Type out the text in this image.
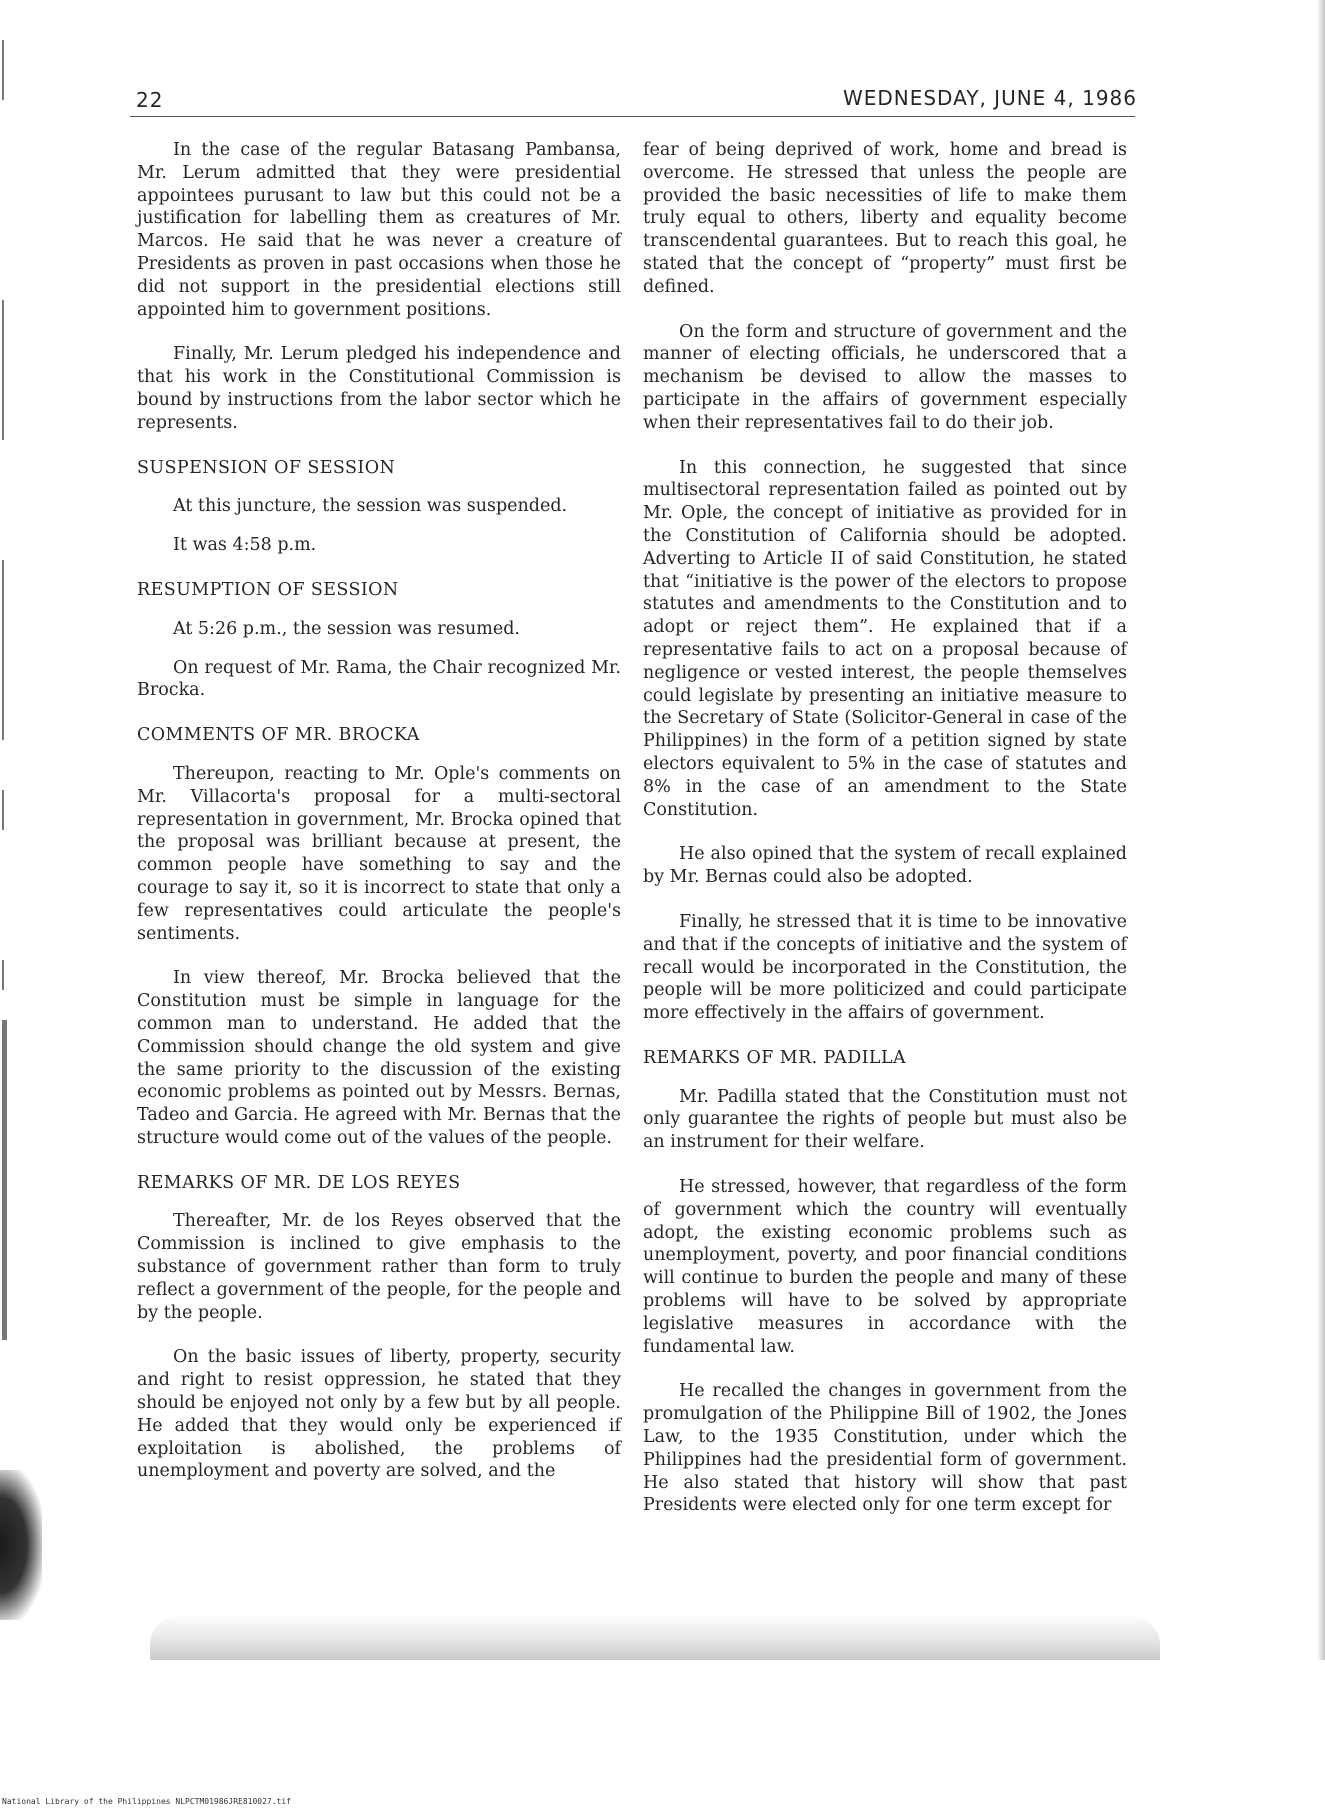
22	WEDNESDAY, JUNE 4, 1986

In the case of the regular Batasang Pambansa, Mr. Lerum admitted that they were presidential appointees purusant to law but this could not be a justification for labelling them as creatures of Mr. Marcos. He said that he was never a creature of Presidents as proven in past occasions when those he did not support in the presidential elections still appointed him to government positions.

Finally, Mr. Lerum pledged his independence and that his work in the Constitutional Commission is bound by instructions from the labor sector which he represents.

SUSPENSION OF SESSION

At this juncture, the session was suspended.

It was 4:58 p.m.

RESUMPTION OF SESSION

At 5:26 p.m., the session was resumed.

On request of Mr. Rama, the Chair recognized Mr. Brocka.

COMMENTS OF MR. BROCKA

Thereupon, reacting to Mr. Ople's comments on Mr. Villacorta's proposal for a multi-sectoral representation in government, Mr. Brocka opined that the proposal was brilliant because at present, the common people have something to say and the courage to say it, so it is incorrect to state that only a few representatives could articulate the people's sentiments.

In view thereof, Mr. Brocka believed that the Constitution must be simple in language for the common man to understand. He added that the Commission should change the old system and give the same priority to the discussion of the existing economic problems as pointed out by Messrs. Bernas, Tadeo and Garcia. He agreed with Mr. Bernas that the structure would come out of the values of the people.

REMARKS OF MR. DE LOS REYES

Thereafter, Mr. de los Reyes observed that the Commission is inclined to give emphasis to the substance of government rather than form to truly reflect a government of the people, for the people and by the people.

On the basic issues of liberty, property, security and right to resist oppression, he stated that they should be enjoyed not only by a few but by all people. He added that they would only be experienced if exploitation is abolished, the problems of unemployment and poverty are solved, and the

fear of being deprived of work, home and bread is overcome. He stressed that unless the people are provided the basic necessities of life to make them truly equal to others, liberty and equality become transcendental guarantees. But to reach this goal, he stated that the concept of “property” must first be defined.

On the form and structure of government and the manner of electing officials, he underscored that a mechanism be devised to allow the masses to participate in the affairs of government especially when their representatives fail to do their job.

In this connection, he suggested that since multisectoral representation failed as pointed out by Mr. Ople, the concept of initiative as provided for in the Constitution of California should be adopted. Adverting to Article II of said Constitution, he stated that “initiative is the power of the electors to propose statutes and amendments to the Constitution and to adopt or reject them”. He explained that if a representative fails to act on a proposal because of negligence or vested interest, the people themselves could legislate by presenting an initiative measure to the Secretary of State (Solicitor-General in case of the Philippines) in the form of a petition signed by state electors equivalent to 5% in the case of statutes and 8% in the case of an amendment to the State Constitution.

He also opined that the system of recall explained by Mr. Bernas could also be adopted.

Finally, he stressed that it is time to be innovative and that if the concepts of initiative and the system of recall would be incorporated in the Constitution, the people will be more politicized and could participate more effectively in the affairs of government.

REMARKS OF MR. PADILLA

Mr. Padilla stated that the Constitution must not only guarantee the rights of people but must also be an instrument for their welfare.

He stressed, however, that regardless of the form of government which the country will eventually adopt, the existing economic problems such as unemployment, poverty, and poor financial conditions will continue to burden the people and many of these problems will have to be solved by appropriate legislative measures in accordance with the fundamental law.

He recalled the changes in government from the promulgation of the Philippine Bill of 1902, the Jones Law, to the 1935 Constitution, under which the Philippines had the presidential form of government. He also stated that history will show that past Presidents were elected only for one term except for

National Library of the Philippines NLPCTM01986JRE810027.tif
